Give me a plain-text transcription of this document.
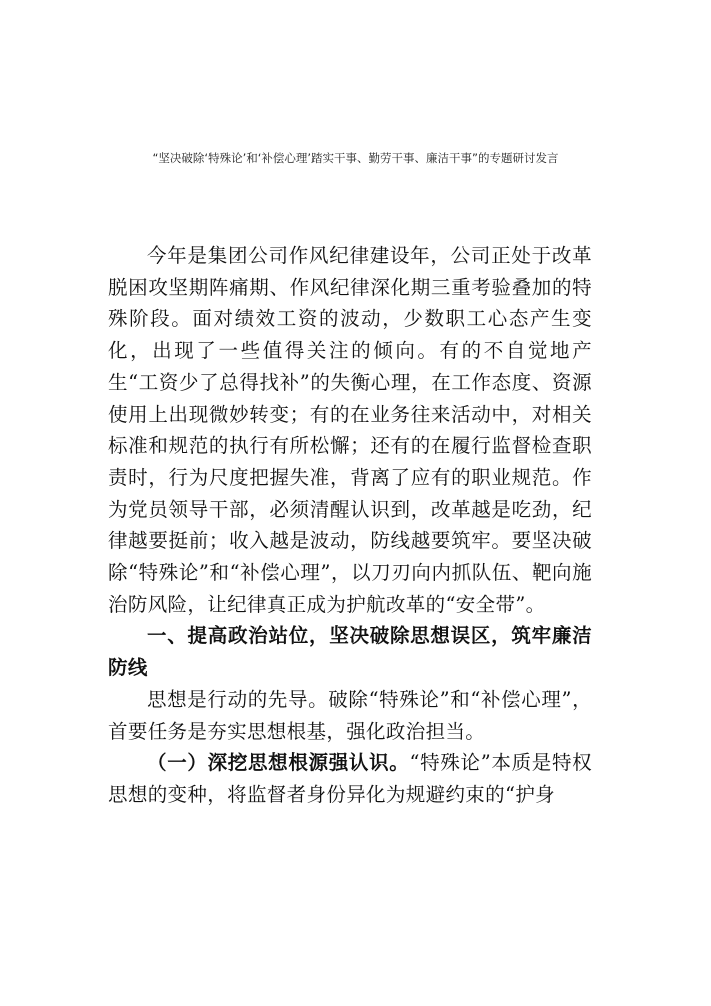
“坚决破除‘特殊论’和‘补偿心理’踏实干事、勤劳干事、廉洁干事”的专题研讨发言

今年是集团公司作风纪律建设年，公司正处于改革脱困攻坚期阵痛期、作风纪律深化期三重考验叠加的特殊阶段。面对绩效工资的波动，少数职工心态产生变化，出现了一些值得关注的倾向。有的不自觉地产生“工资少了总得找补”的失衡心理，在工作态度、资源使用上出现微妙转变；有的在业务往来活动中，对相关标准和规范的执行有所松懈；还有的在履行监督检查职责时，行为尺度把握失准，背离了应有的职业规范。作为党员领导干部，必须清醒认识到，改革越是吃劲，纪律越要挺前；收入越是波动，防线越要筑牢。要坚决破除“特殊论”和“补偿心理”，以刀刃向内抓队伍、靶向施治防风险，让纪律真正成为护航改革的“安全带”。

一、提高政治站位，坚决破除思想误区，筑牢廉洁防线

思想是行动的先导。破除“特殊论”和“补偿心理”，首要任务是夯实思想根基，强化政治担当。

（一）深挖思想根源强认识。“特殊论”本质是特权思想的变种，将监督者身份异化为规避约束的“护身
